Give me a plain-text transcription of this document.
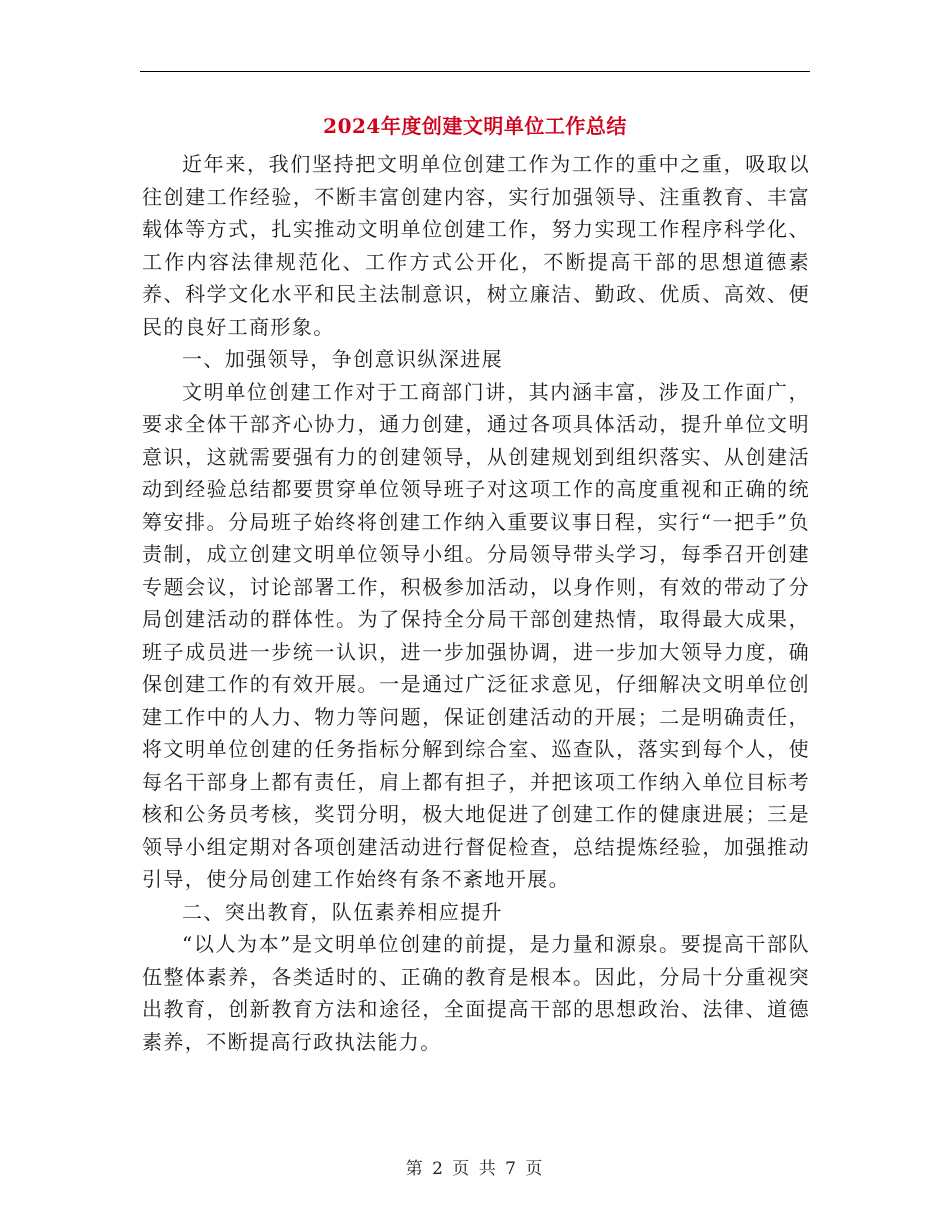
2024年度创建文明单位工作总结

近年来，我们坚持把文明单位创建工作为工作的重中之重，吸取以往创建工作经验，不断丰富创建内容，实行加强领导、注重教育、丰富载体等方式，扎实推动文明单位创建工作，努力实现工作程序科学化、工作内容法律规范化、工作方式公开化，不断提高干部的思想道德素养、科学文化水平和民主法制意识，树立廉洁、勤政、优质、高效、便民的良好工商形象。

一、加强领导，争创意识纵深进展

文明单位创建工作对于工商部门讲，其内涵丰富，涉及工作面广，要求全体干部齐心协力，通力创建，通过各项具体活动，提升单位文明意识，这就需要强有力的创建领导，从创建规划到组织落实、从创建活动到经验总结都要贯穿单位领导班子对这项工作的高度重视和正确的统筹安排。分局班子始终将创建工作纳入重要议事日程，实行“一把手”负责制，成立创建文明单位领导小组。分局领导带头学习，每季召开创建专题会议，讨论部署工作，积极参加活动，以身作则，有效的带动了分局创建活动的群体性。为了保持全分局干部创建热情，取得最大成果，班子成员进一步统一认识，进一步加强协调，进一步加大领导力度，确保创建工作的有效开展。一是通过广泛征求意见，仔细解决文明单位创建工作中的人力、物力等问题，保证创建活动的开展；二是明确责任，将文明单位创建的任务指标分解到综合室、巡查队，落实到每个人，使每名干部身上都有责任，肩上都有担子，并把该项工作纳入单位目标考核和公务员考核，奖罚分明，极大地促进了创建工作的健康进展；三是领导小组定期对各项创建活动进行督促检查，总结提炼经验，加强推动引导，使分局创建工作始终有条不紊地开展。

二、突出教育，队伍素养相应提升

“以人为本”是文明单位创建的前提，是力量和源泉。要提高干部队伍整体素养，各类适时的、正确的教育是根本。因此，分局十分重视突出教育，创新教育方法和途径，全面提高干部的思想政治、法律、道德素养，不断提高行政执法能力。

第 2 页 共 7 页
